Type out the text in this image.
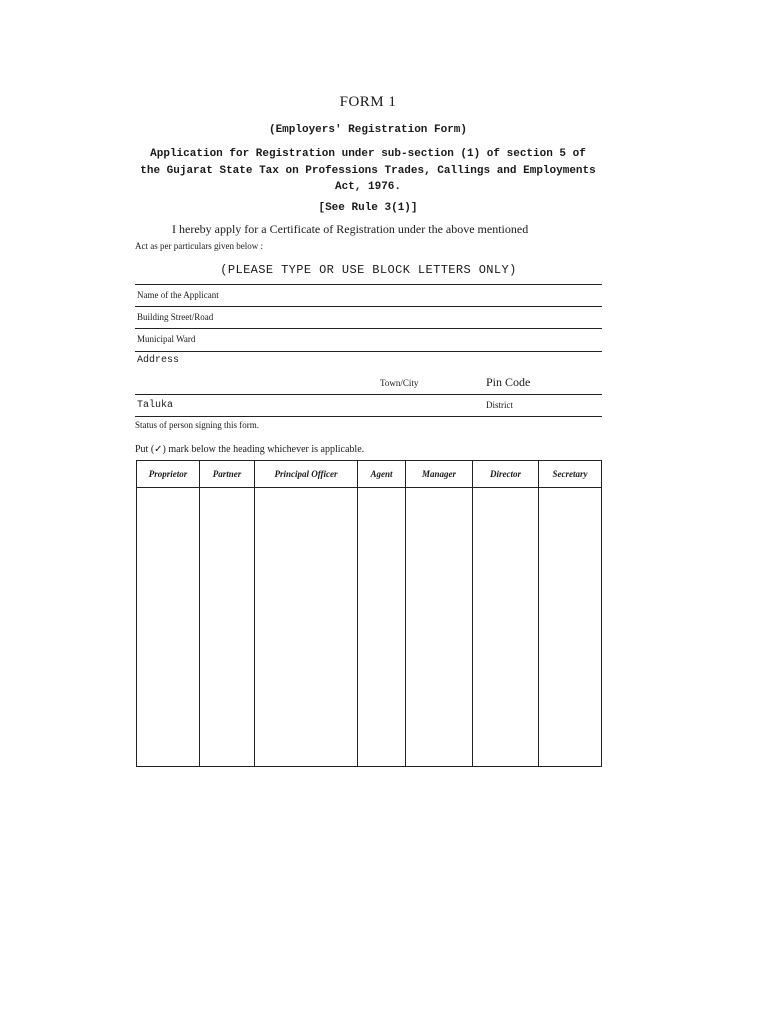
FORM 1
(Employers' Registration Form)
Application for Registration under sub-section (1) of section 5 of the Gujarat State Tax on Professions Trades, Callings and Employments Act, 1976.
[See Rule 3(1)]
I hereby apply for a Certificate of Registration under the above mentioned
Act as per particulars given below :
(PLEASE TYPE OR USE BLOCK LETTERS ONLY)
Name of the Applicant
Building Street/Road
Municipal Ward
Address
Town/City	Pin Code
Taluka	District
Status of person signing this form.
Put (✓) mark below the heading whichever is applicable.
Proprietor	Partner	Principal Officer	Agent	Manager	Director	Secretary
